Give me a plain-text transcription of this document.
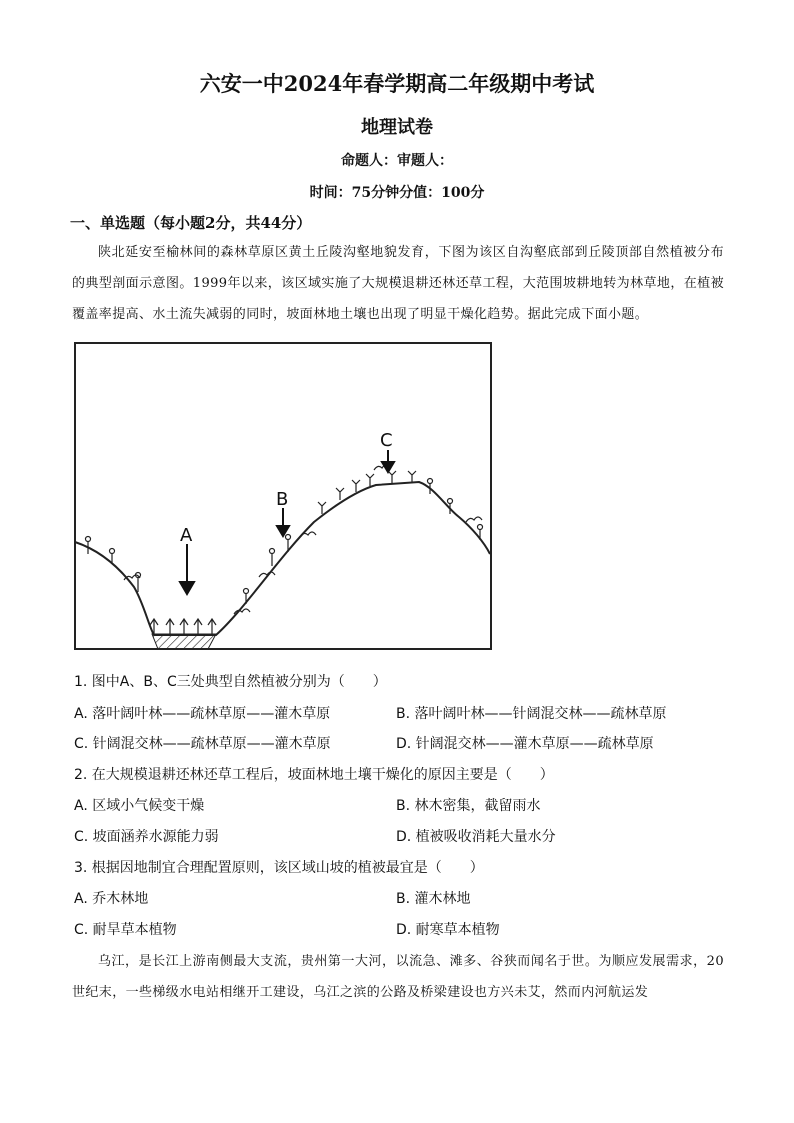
六安一中2024年春学期高二年级期中考试
地理试卷
命题人：审题人：
时间：75分钟分值：100分
一、单选题（每小题2分，共44分）
陕北延安至榆林间的森林草原区黄土丘陵沟壑地貌发育，下图为该区自沟壑底部到丘陵顶部自然植被分布的典型剖面示意图。1999年以来，该区域实施了大规模退耕还林还草工程，大范围坡耕地转为林草地，在植被覆盖率提高、水土流失减弱的同时，坡面林地土壤也出现了明显干燥化趋势。据此完成下面小题。
A
B
C
1. 图中A、B、C三处典型自然植被分别为（　　）
A. 落叶阔叶林——疏林草原——灌木草原	B. 落叶阔叶林——针阔混交林——疏林草原
C. 针阔混交林——疏林草原——灌木草原	D. 针阔混交林——灌木草原——疏林草原
2. 在大规模退耕还林还草工程后，坡面林地土壤干燥化的原因主要是（　　）
A. 区域小气候变干燥	B. 林木密集，截留雨水
C. 坡面涵养水源能力弱	D. 植被吸收消耗大量水分
3. 根据因地制宜合理配置原则，该区域山坡的植被最宜是（　　）
A. 乔木林地	B. 灌木林地
C. 耐旱草本植物	D. 耐寒草本植物
乌江，是长江上游南侧最大支流，贵州第一大河，以流急、滩多、谷狭而闻名于世。为顺应发展需求，20世纪末，一些梯级水电站相继开工建设，乌江之滨的公路及桥梁建设也方兴未艾，然而内河航运发
